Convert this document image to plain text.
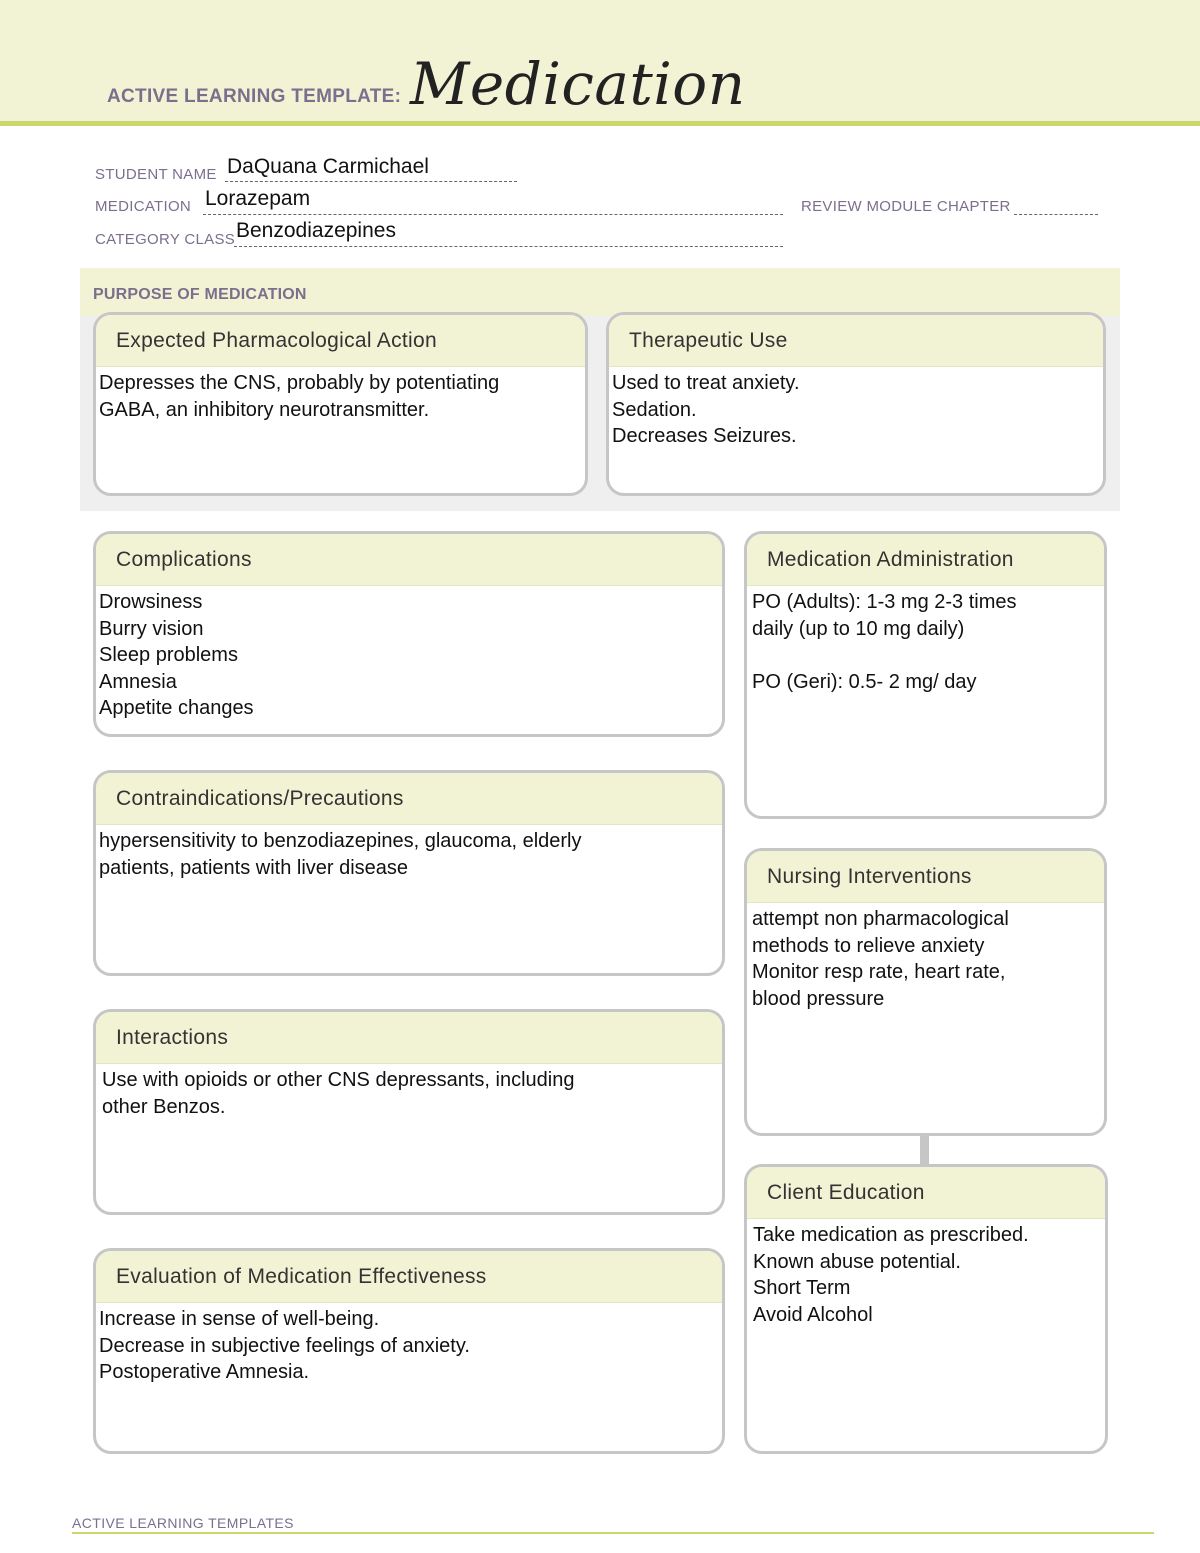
ACTIVE LEARNING TEMPLATE: Medication
STUDENT NAME DaQuana Carmichael
MEDICATION Lorazepam	REVIEW MODULE CHAPTER
CATEGORY CLASS Benzodiazepines
PURPOSE OF MEDICATION
Expected Pharmacological Action
Depresses the CNS, probably by potentiating
GABA, an inhibitory neurotransmitter.
Therapeutic Use
Used to treat anxiety.
Sedation.
Decreases Seizures.
Complications
Drowsiness
Burry vision
Sleep problems
Amnesia
Appetite changes
Contraindications/Precautions
hypersensitivity to benzodiazepines, glaucoma, elderly
patients, patients with liver disease
Interactions
Use with opioids or other CNS depressants, including
other Benzos.
Evaluation of Medication Effectiveness
Increase in sense of well-being.
Decrease in subjective feelings of anxiety.
Postoperative Amnesia.
Medication Administration
PO (Adults): 1-3 mg 2-3 times
daily (up to 10 mg daily)
PO (Geri): 0.5- 2 mg/ day
Nursing Interventions
attempt non pharmacological
methods to relieve anxiety
Monitor resp rate, heart rate,
blood pressure
Client Education
Take medication as prescribed.
Known abuse potential.
Short Term
Avoid Alcohol
ACTIVE LEARNING TEMPLATES
